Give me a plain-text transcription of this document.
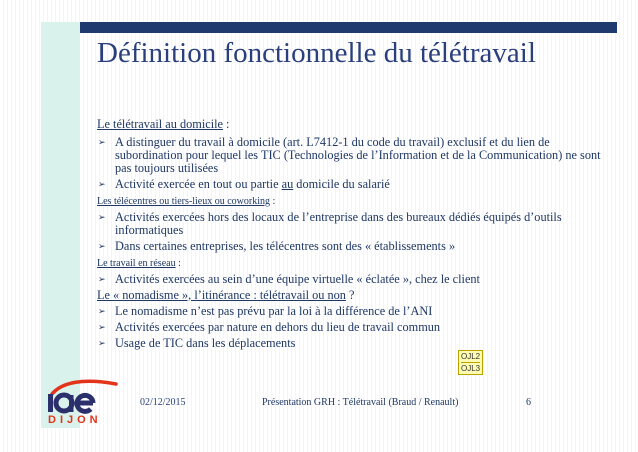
Définition fonctionnelle du télétravail
Le télétravail au domicile :
➢ A distinguer du travail à domicile (art. L7412-1 du code du travail) exclusif et du lien de subordination pour lequel les TIC (Technologies de l’Information et de la Communication) ne sont pas toujours utilisées
➢ Activité exercée en tout ou partie au domicile du salarié
Les télécentres ou tiers-lieux ou coworking :
➢ Activités exercées hors des locaux de l’entreprise dans des bureaux dédiés équipés d’outils informatiques
➢ Dans certaines entreprises, les télécentres sont des « établissements »
Le travail en réseau :
➢ Activités exercées au sein d’une équipe virtuelle « éclatée », chez le client
Le « nomadisme », l’itinérance : télétravail ou non ?
➢ Le nomadisme n’est pas prévu par la loi à la différence de l’ANI
➢ Activités exercées par nature en dehors du lieu de travail commun
➢ Usage de TIC dans les déplacements
OJL2
OJL3
DIJON
02/12/2015	Présentation GRH : Télétravail (Braud / Renault)	6
